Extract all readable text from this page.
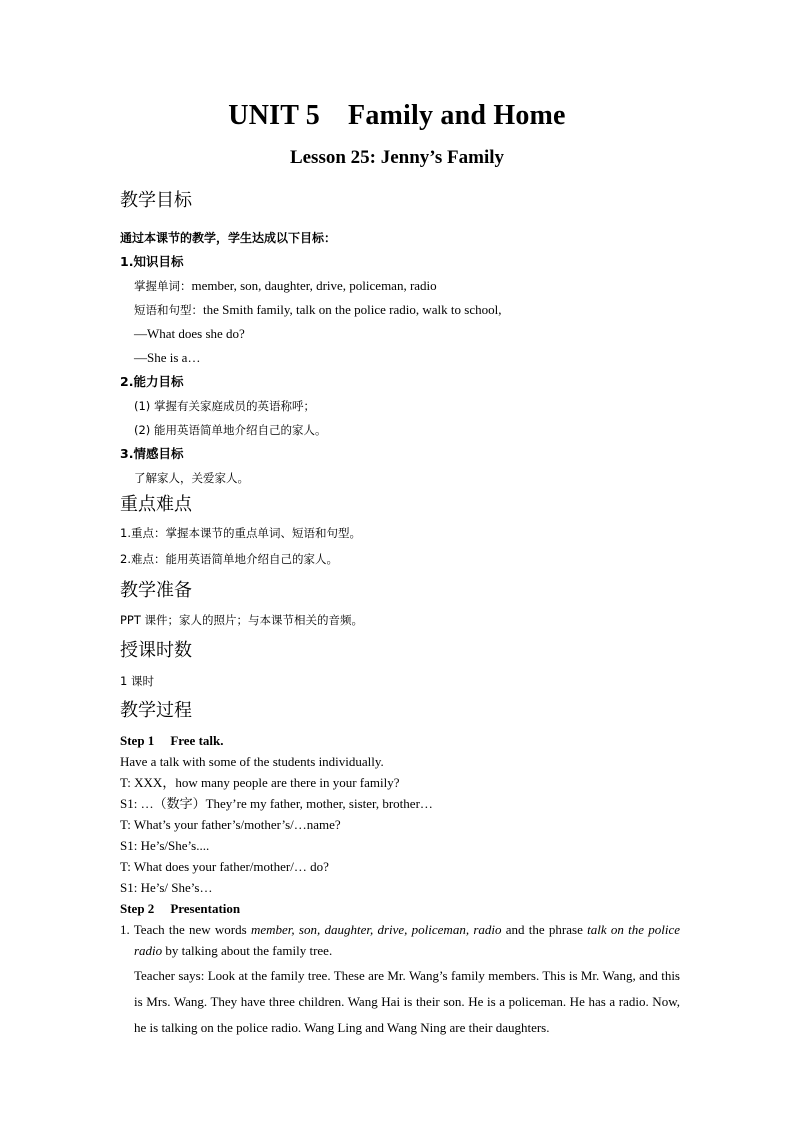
UNIT 5 Family and Home
Lesson 25: Jenny’s Family
教学目标
通过本课节的教学，学生达成以下目标：
1.知识目标
掌握单词：member, son, daughter, drive, policeman, radio
短语和句型：the Smith family, talk on the police radio, walk to school,
—What does she do?
—She is a…
2.能力目标
(1) 掌握有关家庭成员的英语称呼；
(2) 能用英语简单地介绍自己的家人。
3.情感目标
了解家人，关爱家人。
重点难点
1.重点：掌握本课节的重点单词、短语和句型。
2.难点：能用英语简单地介绍自己的家人。
教学准备
PPT 课件；家人的照片；与本课节相关的音频。
授课时数
1 课时
教学过程
Step 1 Free talk.
Have a talk with some of the students individually.
T: XXX，how many people are there in your family?
S1: …（数字）They’re my father, mother, sister, brother…
T: What’s your father’s/mother’s/…name?
S1: He’s/She’s....
T: What does your father/mother/… do?
S1: He’s/ She’s…
Step 2 Presentation
1. Teach the new words member, son, daughter, drive, policeman, radio and the phrase talk on the police radio by talking about the family tree.
Teacher says: Look at the family tree. These are Mr. Wang’s family members. This is Mr. Wang, and this is Mrs. Wang. They have three children. Wang Hai is their son. He is a policeman. He has a radio. Now, he is talking on the police radio. Wang Ling and Wang Ning are their daughters.
